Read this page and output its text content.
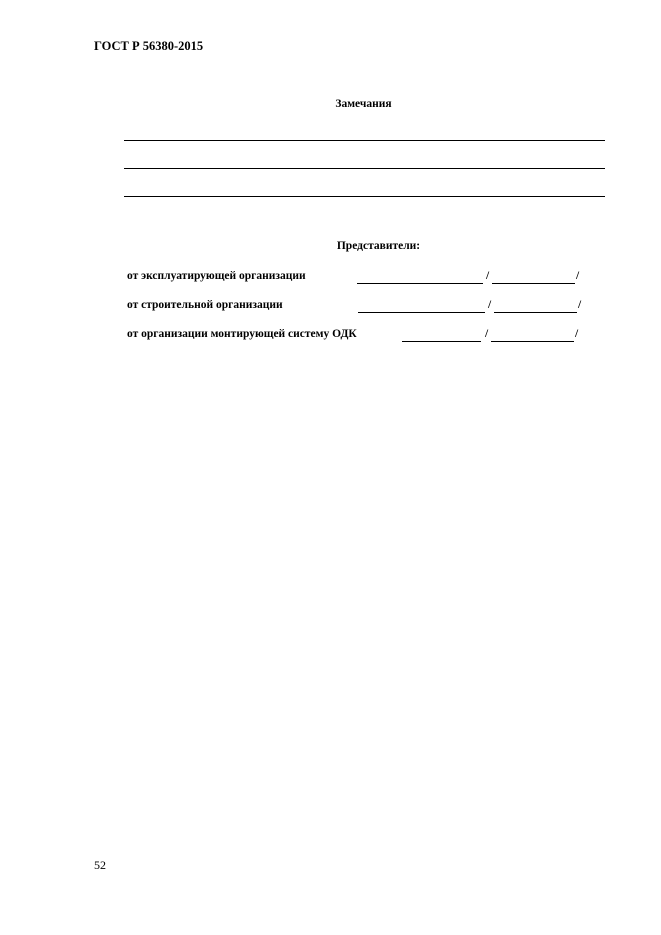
ГОСТ Р 56380-2015
Замечания
Представители:
от эксплуатирующей организации	/	/
от строительной организации	/	/
от организации монтирующей систему ОДК	/	/
52
